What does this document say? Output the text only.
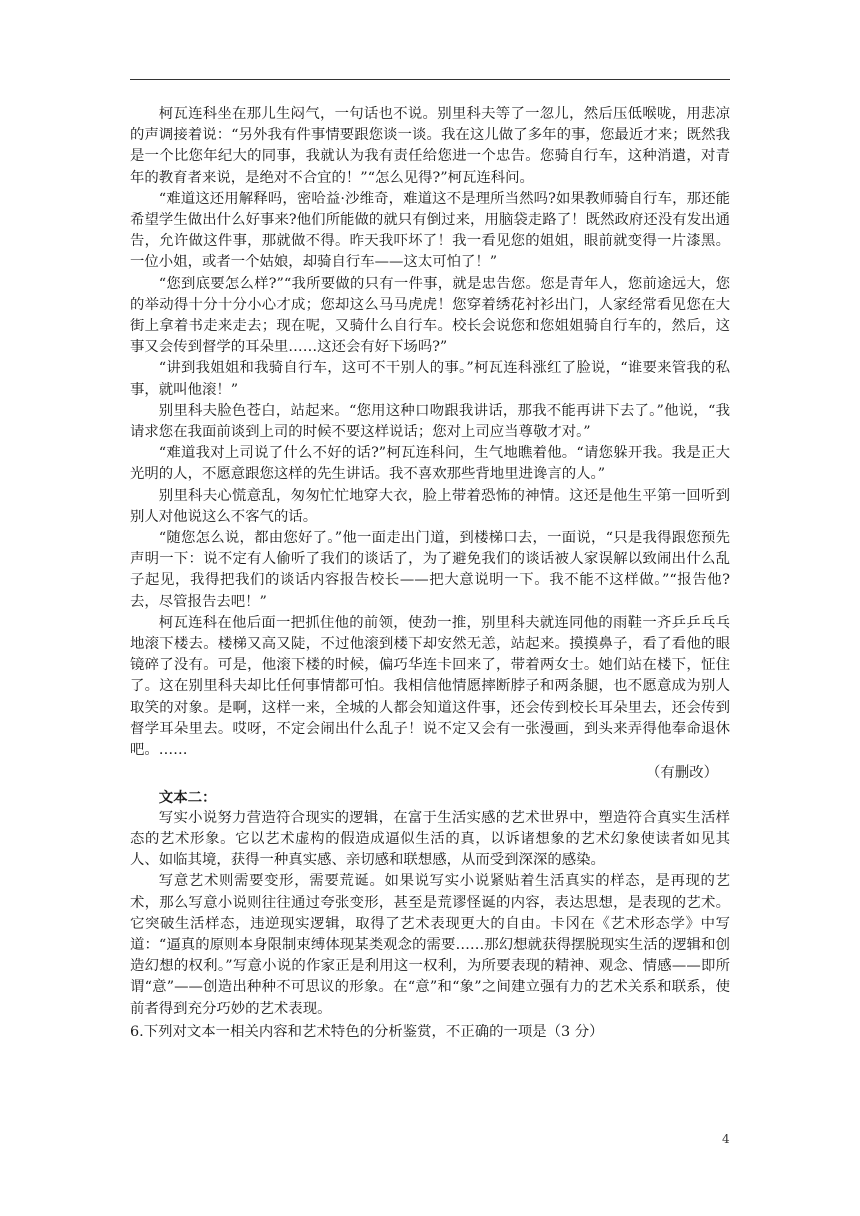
柯瓦连科坐在那儿生闷气，一句话也不说。别里科夫等了一忽儿，然后压低喉咙，用悲凉的声调接着说：“另外我有件事情要跟您谈一谈。我在这儿做了多年的事，您最近才来；既然我是一个比您年纪大的同事，我就认为我有责任给您进一个忠告。您骑自行车，这种消遣，对青年的教育者来说，是绝对不合宜的！”“怎么见得?”柯瓦连科问。

“难道这还用解释吗，密哈益·沙维奇，难道这不是理所当然吗?如果教师骑自行车，那还能希望学生做出什么好事来?他们所能做的就只有倒过来，用脑袋走路了！既然政府还没有发出通告，允许做这件事，那就做不得。昨天我吓坏了！我一看见您的姐姐，眼前就变得一片漆黑。一位小姐，或者一个姑娘，却骑自行车——这太可怕了！”

“您到底要怎么样?”“我所要做的只有一件事，就是忠告您。您是青年人，您前途远大，您的举动得十分十分小心才成；您却这么马马虎虎！您穿着绣花衬衫出门，人家经常看见您在大街上拿着书走来走去；现在呢，又骑什么自行车。校长会说您和您姐姐骑自行车的，然后，这事又会传到督学的耳朵里……这还会有好下场吗?”

“讲到我姐姐和我骑自行车，这可不干别人的事。”柯瓦连科涨红了脸说，“谁要来管我的私事，就叫他滚！”

别里科夫脸色苍白，站起来。“您用这种口吻跟我讲话，那我不能再讲下去了。”他说，“我请求您在我面前谈到上司的时候不要这样说话；您对上司应当尊敬才对。”

“难道我对上司说了什么不好的话?”柯瓦连科问，生气地瞧着他。“请您躲开我。我是正大光明的人，不愿意跟您这样的先生讲话。我不喜欢那些背地里进谗言的人。”

别里科夫心慌意乱，匆匆忙忙地穿大衣，脸上带着恐怖的神情。这还是他生平第一回听到别人对他说这么不客气的话。

“随您怎么说，都由您好了。”他一面走出门道，到楼梯口去，一面说，“只是我得跟您预先声明一下：说不定有人偷听了我们的谈话了，为了避免我们的谈话被人家误解以致闹出什么乱子起见，我得把我们的谈话内容报告校长——把大意说明一下。我不能不这样做。”“报告他?去，尽管报告去吧！”

柯瓦连科在他后面一把抓住他的前领，使劲一推，别里科夫就连同他的雨鞋一齐乒乒乓乓地滚下楼去。楼梯又高又陡，不过他滚到楼下却安然无恙，站起来。摸摸鼻子，看了看他的眼镜碎了没有。可是，他滚下楼的时候，偏巧华连卡回来了，带着两女士。她们站在楼下，怔住了。这在别里科夫却比任何事情都可怕。我相信他情愿摔断脖子和两条腿，也不愿意成为别人取笑的对象。是啊，这样一来，全城的人都会知道这件事，还会传到校长耳朵里去，还会传到督学耳朵里去。哎呀，不定会闹出什么乱子！说不定又会有一张漫画，到头来弄得他奉命退休吧。……

（有删改）

文本二：

写实小说努力营造符合现实的逻辑，在富于生活实感的艺术世界中，塑造符合真实生活样态的艺术形象。它以艺术虚构的假造成逼似生活的真，以诉诸想象的艺术幻象使读者如见其人、如临其境，获得一种真实感、亲切感和联想感，从而受到深深的感染。

写意艺术则需要变形，需要荒诞。如果说写实小说紧贴着生活真实的样态，是再现的艺术，那么写意小说则往往通过夸张变形，甚至是荒谬怪诞的内容，表达思想，是表现的艺术。它突破生活样态，违逆现实逻辑，取得了艺术表现更大的自由。卡冈在《艺术形态学》中写道：“逼真的原则本身限制束缚体现某类观念的需要……那幻想就获得摆脱现实生活的逻辑和创造幻想的权利。”写意小说的作家正是利用这一权利，为所要表现的精神、观念、情感——即所谓“意”——创造出种种不可思议的形象。在“意”和“象”之间建立强有力的艺术关系和联系，使前者得到充分巧妙的艺术表现。

6.下列对文本一相关内容和艺术特色的分析鉴赏，不正确的一项是（3 分）

4
